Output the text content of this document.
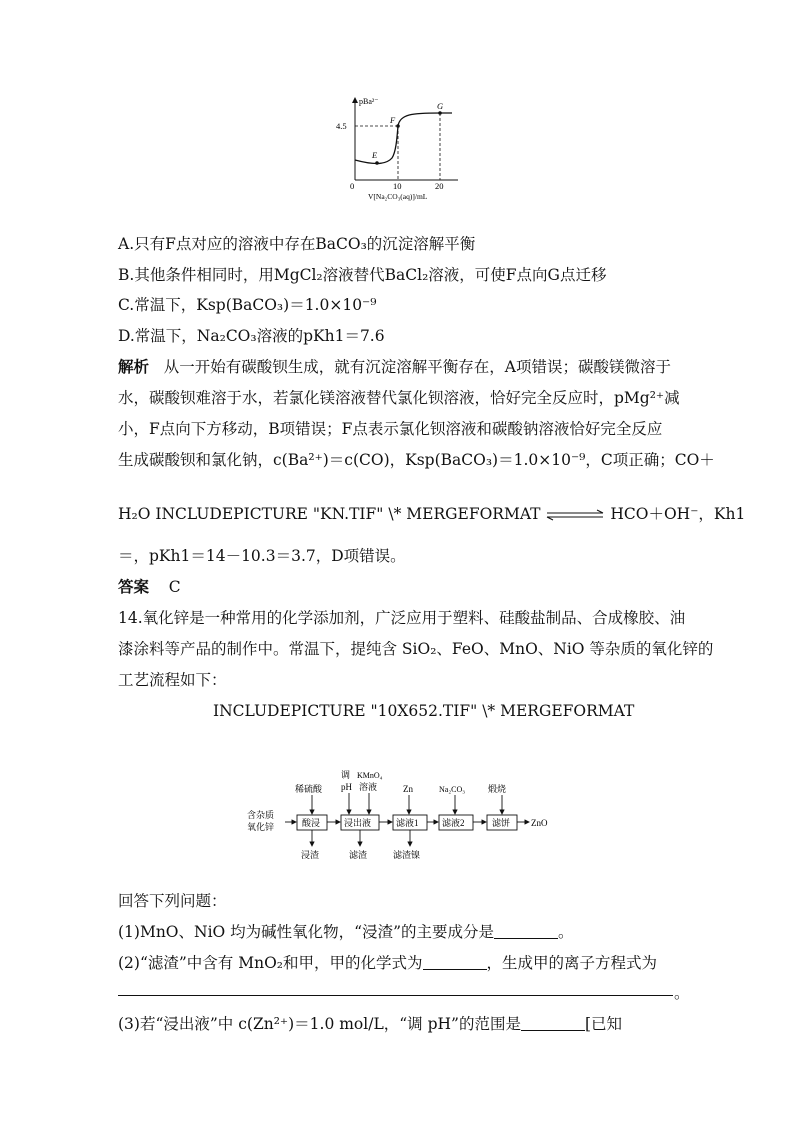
pBa²⁻
4.5
0	10	20
E
F
G
V[Na₂CO₃(aq)]/mL
A.只有F点对应的溶液中存在BaCO₃的沉淀溶解平衡
B.其他条件相同时，用MgCl₂溶液替代BaCl₂溶液，可使F点向G点迁移
C.常温下，Ksp(BaCO₃)＝1.0×10⁻⁹
D.常温下，Na₂CO₃溶液的pKh1＝7.6
解析 从一开始有碳酸钡生成，就有沉淀溶解平衡存在，A项错误；碳酸镁微溶于
水，碳酸钡难溶于水，若氯化镁溶液替代氯化钡溶液，恰好完全反应时，pMg²⁺减
小，F点向下方移动，B项错误；F点表示氯化钡溶液和碳酸钠溶液恰好完全反应
生成碳酸钡和氯化钠，c(Ba²⁺)＝c(CO)，Ksp(BaCO₃)＝1.0×10⁻⁹，C项正确；CO＋
H₂O INCLUDEPICTURE "KN.TIF" \* MERGEFORMAT ⇌ HCO＋OH⁻，Kh1
＝，pKh1＝14－10.3＝3.7，D项错误。
答案 C
14.氧化锌是一种常用的化学添加剂，广泛应用于塑料、硅酸盐制品、合成橡胶、油
漆涂料等产品的制作中。常温下，提纯含 SiO₂、FeO、MnO、NiO 等杂质的氧化锌的
工艺流程如下：
INCLUDEPICTURE "10X652.TIF" \* MERGEFORMAT
含杂质
氧化锌	酸浸	浸出液	滤液1	滤液2	滤饼 ZnO
稀硫酸
调
pH
KMnO₄
溶液	Zn	Na₂CO₃	煅烧
浸渣	滤渣	滤渣镍
回答下列问题：
(1)MnO、NiO 均为碱性氧化物，“浸渣”的主要成分是	。
(2)“滤渣”中含有 MnO₂和甲，甲的化学式为	，生成甲的离子方程式为
。
(3)若“浸出液”中 c(Zn²⁺)＝1.0 mol/L，“调 pH”的范围是	[已知
